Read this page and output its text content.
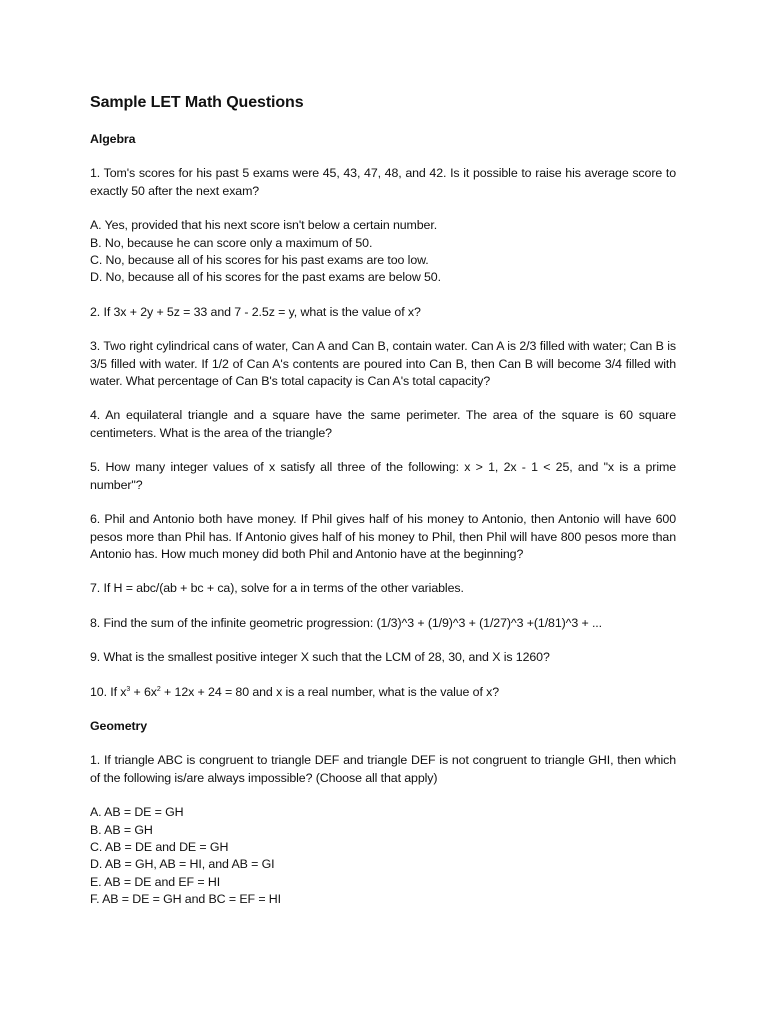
Sample LET Math Questions
Algebra
1. Tom's scores for his past 5 exams were 45, 43, 47, 48, and 42. Is it possible to raise his average score to exactly 50 after the next exam?
A. Yes, provided that his next score isn't below a certain number.
B. No, because he can score only a maximum of 50.
C. No, because all of his scores for his past exams are too low.
D. No, because all of his scores for the past exams are below 50.
2. If 3x + 2y + 5z = 33 and 7 - 2.5z = y, what is the value of x?
3. Two right cylindrical cans of water, Can A and Can B, contain water. Can A is 2/3 filled with water; Can B is 3/5 filled with water. If 1/2 of Can A's contents are poured into Can B, then Can B will become 3/4 filled with water. What percentage of Can B's total capacity is Can A's total capacity?
4. An equilateral triangle and a square have the same perimeter. The area of the square is 60 square centimeters. What is the area of the triangle?
5. How many integer values of x satisfy all three of the following: x > 1, 2x - 1 < 25, and "x is a prime number"?
6. Phil and Antonio both have money. If Phil gives half of his money to Antonio, then Antonio will have 600 pesos more than Phil has. If Antonio gives half of his money to Phil, then Phil will have 800 pesos more than Antonio has. How much money did both Phil and Antonio have at the beginning?
7. If H = abc/(ab + bc + ca), solve for a in terms of the other variables.
8. Find the sum of the infinite geometric progression: (1/3)^3 + (1/9)^3 + (1/27)^3 +(1/81)^3 + ...
9. What is the smallest positive integer X such that the LCM of 28, 30, and X is 1260?
10. If $x^3 + 6x^2 + 12x + 24 = 80$ and x is a real number, what is the value of x?
Geometry
1. If triangle ABC is congruent to triangle DEF and triangle DEF is not congruent to triangle GHI, then which of the following is/are always impossible? (Choose all that apply)
A. AB = DE = GH
B. AB = GH
C. AB = DE and DE = GH
D. AB = GH, AB = HI, and AB = GI
E. AB = DE and EF = HI
F. AB = DE = GH and BC = EF = HI
